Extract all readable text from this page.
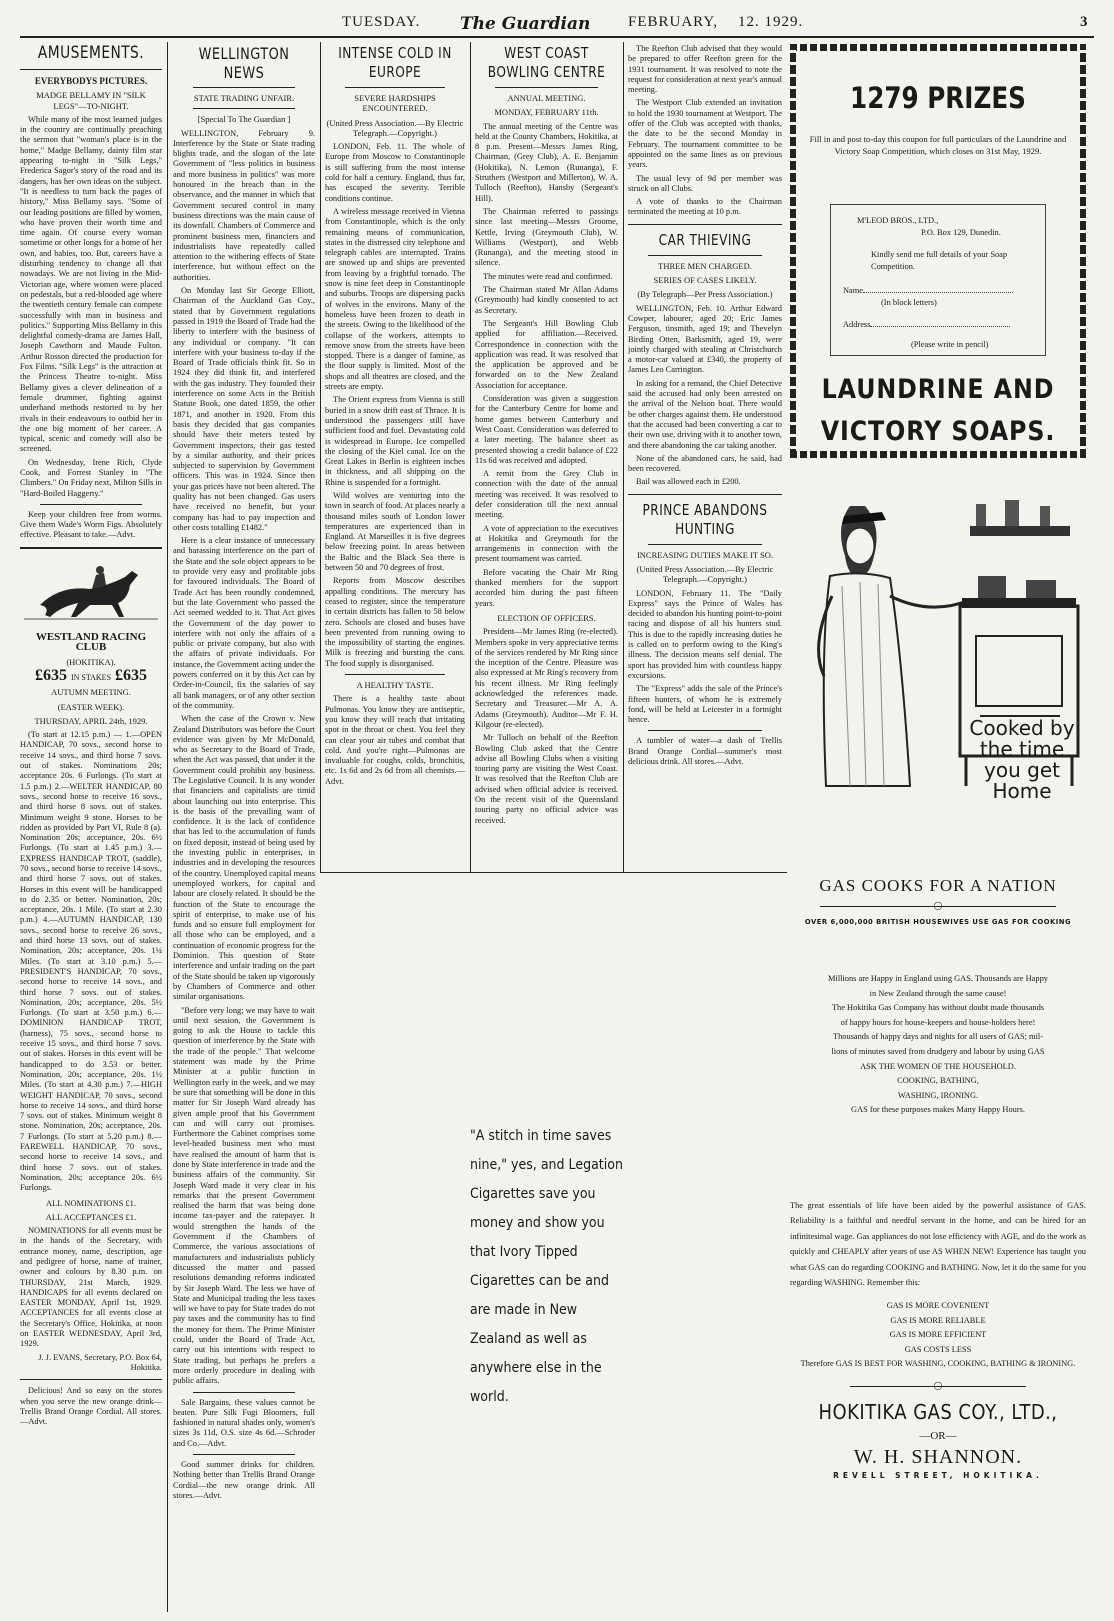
TUESDAY. The Guardian	FEBRUARY, 12. 1929.	3
AMUSEMENTS.
EVERYBODYS PICTURES.
MADGE BELLAMY IN "SILK LEGS"—TO-NIGHT.

While many of the most learned judges in the country are continually preaching the sermon that "woman's place is in the home," Madge Bellamy, dainty film star appearing to-night in "Silk Legs," Frederica Sagor's story of the road and its dangers, has her own ideas on the subject. "It is needless to turn back the pages of history," Miss Bellamy says. "Some of our leading positions are filled by women, who have proven their worth time and time again. Of course every woman sometime or other longs for a home of her own, and babies, too. But, careers have a disturbing tendency to change all that nowadays. We are not living in the Mid-Victorian age, where women were placed on pedestals, but a red-blooded age where the twentieth century female can compete successfully with man in business and politics." Supporting Miss Bellamy in this delightful comedy-drama are James Hall, Joseph Cawthorn and Maude Fulton. Arthur Rosson directed the production for Fox Films. "Silk Legs" is the attraction at the Princess Theatre to-night. Miss Bellamy gives a clever delineation of a female drummer, fighting against underhand methods restorted to by her rivals in their endeavours to outbid her in the one big moment of her career. A typical, scenic and comedy will also be screened.

On Wednesday, Irene Rich, Clyde Cook, and Forrest Stanley in "The Climbers." On Friday next, Milton Sills in "Hard-Boiled Haggerty."

Keep your children free from worms. Give them Wade's Worm Figs. Absolutely effective. Pleasant to take.—Advt.

WESTLAND RACING CLUB
(HOKITIKA).
£635 IN STAKES £635
AUTUMN MEETING.
(EASTER WEEK).
THURSDAY, APRIL 24th, 1929.

(To start at 12.15 p.m.) — 1.—OPEN HANDICAP, 70 sovs., second horse to receive 14 sovs., and third horse 7 sovs. out of stakes. Nominations 20s; acceptance 20s. 6 Furlongs. (To start at 1.5 p.m.) 2.—WELTER HANDICAP, 80 sovs., second horse to receive 16 sovs., and third horse 8 sovs. out of stakes. Minimum weight 9 stone. Horses to be ridden as provided by Part VI, Rule 8 (a). Nomination 20s; acceptance, 20s. 6½ Furlongs. (To start at 1.45 p.m.) 3.—EXPRESS HANDICAP TROT, (saddle), 70 sovs., second horse to receive 14 sovs., and third horse 7 sovs. out of stakes. Horses in this event will be handicapped to do 2.35 or better. Nomination, 20s; acceptance, 20s. 1 Mile. (To start at 2.30 p.m.) 4.—AUTUMN HANDICAP, 130 sovs., second horse to receive 26 sovs., and third horse 13 sovs. out of stakes. Nomination, 20s; acceptance, 20s. 1¼ Miles. (To start at 3.10 p.m.) 5.—PRESIDENT'S HANDICAP, 70 sovs., second horse to receive 14 sovs., and third horse 7 sovs. out of stakes. Nomination, 20s; acceptance, 20s. 5½ Furlongs. (To start at 3.50 p.m.) 6.—DOMINION HANDICAP TROT, (harness), 75 sovs., second horse to receive 15 sovs., and third horse 7 sovs. out of stakes. Horses in this event will be handicapped to do 3.53 or better. Nomination, 20s; acceptance, 20s. 1½ Miles. (To start at 4.30 p.m.) 7.—HIGH WEIGHT HANDICAP, 70 sovs., second horse to receive 14 sovs., and third horse 7 sovs. out of stakes. Minimum weight 8 stone. Nomination, 20s; acceptance, 20s. 7 Furlongs. (To start at 5.20 p.m.) 8.—FAREWELL HANDICAP, 70 sovs., second horse to receive 14 sovs., and third horse 7 sovs. out of stakes. Nomination, 20s; acceptance 20s. 6½ Furlongs.

ALL NOMINATIONS £1.
ALL ACCEPTANCES £1.

NOMINATIONS for all events must be in the hands of the Secretary, with entrance money, name, description, age and pedigree of horse, name of trainer, owner and colours by 8.30 p.m. on THURSDAY, 21st March, 1929. HANDICAPS for all events declared on EASTER MONDAY, April 1st, 1929. ACCEPTANCES for all events close at the Secretary's Office, Hokitika, at noon on EASTER WEDNESDAY, April 3rd, 1929.

J. J. EVANS, Secretary, P.O. Box 64, Hokitika.

Delicious! And so easy on the stores when you serve the new orange drink—Trellis Brand Orange Cordial. All stores.—Advt.

WELLINGTON NEWS
STATE TRADING UNFAIR.
[Special To The Guardian ]

WELLINGTON, February 9. Interference by the State or State trading blights trade, and the slogan of the late Government of "less politics in business and more business in politics" was more honoured in the breach than in the observance, and the manner in which that Government secured control in many business directions was the main cause of its downfall. Chambers of Commerce and prominent business men, financiers and industrialists have repeatedly called attention to the withering effects of State interference, but without effect on the authorities.

On Monday last Sir George Elliott, Chairman of the Auckland Gas Coy., stated that by Government regulations passed in 1919 the Board of Trade had the liberty to interfere with the business of any individual or company. "It can interfere with your business to-day if the Board of Trade officials think fit. So in 1924 they did think fit, and interfered with the gas industry. They founded their interference on some Acts in the British Statute Book, one dated 1859, the other 1871, and another in 1920. From this basis they decided that gas companies should have their meters tested by Government inspectors, their gas tested by a similar authority, and their prices subjected to supervision by Government officers. This was in 1924. Since then your gas prices have not been altered. The quality has not been changed. Gas users have received no benefit, but your company has had to pay inspection and other costs totalling £1482."

Here is a clear instance of unnecessary and harassing interference on the part of the State and the sole object appears to be to provide very easy and profitable jobs for favoured individuals. The Board of Trade Act has been roundly condemned, but the late Government who passed the Act seemed wedded to it. That Act gives the Government of the day power to interfere with not only the affairs of a public or private company, but also with the affairs of private individuals. For instance, the Government acting under the powers conferred on it by this Act can by Order-in-Council, fix the salaries of say all bank managers, or of any other section of the community.

When the case of the Crown v. New Zealand Distributors was before the Court evidence was given by Mr McDonald, who as Secretary to the Board of Trade, when the Act was passed, that under it the Government could prohibit any business. The Legislative Council. It is any wonder that financiers and capitalists are timid about launching out into enterprise. This is the basis of the prevailing want of confidence. It is the lack of confidence that has led to the accumulation of funds on fixed deposit, instead of being used by the investing public in enterprises, in industries and in developing the resources of the country. Unemployed capital means unemployed workers, for capital and labour are closely related. It should be the function of the State to encourage the spirit of enterprise, to make use of his funds and so ensure full employment for all those who can be employed, and a continuation of economic progress for the Dominion. This question of State interference and unfair trading on the part of the State should be taken up vigorously by Chambers of Commerce and other similar organisations.

"Before very long; we may have to wait until next session, the Government is going to ask the House to tackle this question of interference by the State with the trade of the people." That welcome statement was made by the Prime Minister at a public function in Wellington early in the week, and we may be sure that something will be done in this matter for Sir Joseph Ward already has given ample proof that his Government can and will carry out promises. Furthermore the Cabinet comprises some level-headed business men who must have realised the amount of harm that is done by State interference in trade and the business affairs of the community. Sir Joseph Ward made it very clear in his remarks that the present Government realised the harm that was being done income tax-payer and the ratepayer. It would strengthen the hands of the Government if the Chambers of Commerce, the various associations of manufacturers and industrialists publicly discussed the matter and passed resolutions demanding reforms indicated by Sir Joseph Ward. The less we have of State and Municipal trading the less taxes will we have to pay for State trades do not pay taxes and the community has to find the money for them. The Prime Minister could, under the Board of Trade Act, carry out his intentions with respect to State trading, but perhaps he prefers a more orderly procedure in dealing with public affairs.

Sale Bargains, these values cannot be beaten. Pure Silk Fugi Bloomers, full fashioned in natural shades only, women's sizes 3s 11d, O.S. size 4s 6d.—Schroder and Co.—Advt.

Good summer drinks for children. Nothing better than Trellis Brand Orange Cordial—the new orange drink. All stores.—Advt.

INTENSE COLD IN EUROPE
SEVERE HARDSHIPS ENCOUNTERED.
(United Press Association.—By Electric Telegraph.—Copyright.)

LONDON, Feb. 11. The whole of Europe from Moscow to Constantinople is still suffering from the most intense cold for half a century. England, thus far, has escaped the severity. Terrible conditions continue.

A wireless message received in Vienna from Constantinople, which is the only remaining means of communication, states in the distressed city telephone and telegraph cables are interrupted. Trains are snowed up and ships are prevented from leaving by a frightful tornado. The snow is nine feet deep in Constantinople and suburbs. Troops are dispersing packs of wolves in the environs. Many of the homeless have been frozen to death in the streets. Owing to the likelihood of the collapse of the workers, attempts to remove snow from the streets have been stopped. There is a danger of famine, as the flour supply is limited. Most of the shops and all theatres are closed, and the streets are empty.

The Orient express from Vienna is still buried in a snow drift east of Thrace. It is understood the passengers still have sufficient food and fuel. Devastating cold is widespread in Europe. Ice compelled the closing of the Kiel canal. Ice on the Great Lakes in Berlin is eighteen inches in thickness, and all shipping on the Rhine is suspended for a fortnight.

Wild wolves are venturing into the town in search of food. At places nearly a thousand miles south of London lower temperatures are experienced than in England. At Marseilles it is five degrees below freezing point. In areas between the Baltic and the Black Sea there is between 50 and 70 degrees of frost.

Reports from Moscow describes appalling conditions. The mercury has ceased to register, since the temperature in certain districts has fallen to 58 below zero. Schools are closed and buses have been prevented from running owing to the impossibility of starting the engines. Milk is freezing and bursting the cans. The food supply is disorganised.

A HEALTHY TASTE.

There is a healthy taste about Pulmonas. You know they are antiseptic, you know they will reach that irritating spot in the throat or chest. You feel they can clear your air tubes and combat that cold. And you're right—Pulmonas are invaluable for coughs, colds, bronchitis, etc. 1s 6d and 2s 6d from all chemists.—Advt.

WEST COAST BOWLING CENTRE
ANNUAL MEETING.
MONDAY, FEBRUARY 11th.

The annual meeting of the Centre was held at the County Chambers, Hokitika, at 8 p.m. Present—Messrs James Ring, Chairman, (Grey Club), A. E. Benjamin (Hokitika), N. Lemon (Runanga), F. Struthers (Westport and Millerton), W. A. Tulloch (Reefton), Hansby (Sergeant's Hill).

The Chairman referred to passings since last meeting—Messrs Groome, Kettle, Irving (Greymouth Club), W. Williams (Westport), and Webb (Runanga), and the meeting stood in silence.

The minutes were read and confirmed.

The Chairman stated Mr Allan Adams (Greymouth) had kindly consented to act as Secretary.

The Sergeant's Hill Bowling Club applied for affiliation.—Received. Correspondence in connection with the application was read. It was resolved that the application be approved and be forwarded on to the New Zealand Association for acceptance.

Consideration was given a suggestion for the Canterbury Centre for home and home games between Canterbury and West Coast. Consideration was deferred to a later meeting. The balance sheet as presented showing a credit balance of £22 11s 6d was received and adopted.

A remit from the Grey Club in connection with the date of the annual meeting was received. It was resolved to defer consideration till the next annual meeting.

A vote of appreciation to the executives at Hokitika and Greymouth for the arrangements in connection with the present tournament was carried.

Before vacating the Chair Mr Ring thanked members for the support accorded him during the past fifteen years.

ELECTION OF OFFICERS.

President—Mr James Ring (re-elected). Members spoke in very appreciative terms of the services rendered by Mr Ring since the inception of the Centre. Pleasure was also expressed at Mr Ring's recovery from his recent illness. Mr Ring feelingly acknowledged the references made. Secretary and Treasurer.—Mr A. A. Adams (Greymouth). Auditor—Mr F. H. Kilgour (re-elected).

Mr Tulloch on behalf of the Reefton Bowling Club asked that the Centre advise all Bowling Clubs when a visiting touring party are visiting the West Coast. It was resolved that the Reefton Club are advised when official advice is received. On the recent visit of the Queensland touring party no official advice was received.

The Reefton Club advised that they would be prepared to offer Reefton green for the 1931 tournament. It was resolved to note the request for consideration at next year's annual meeting.

The Westport Club extended an invitation to hold the 1930 tournament at Westport. The offer of the Club was accepted with thanks, the date to be the second Monday in February. The tournament committee to be appointed on the same lines as on previous years.

The usual levy of 9d per member was struck on all Clubs.

A vote of thanks to the Chairman terminated the meeting at 10 p.m.

CAR THIEVING
THREE MEN CHARGED.
SERIES OF CASES LIKELY.
(By Telegraph—Per Press Association.)

WELLINGTON, Feb. 10. Arthur Edward Cowper, labourer, aged 20; Eric James Ferguson, tinsmith, aged 19; and Thevelyn Birding Otten, Barksmith, aged 19, were jointly charged with stealing at Christchurch a motor-car valued at £340, the property of James Leo Carrington.

In asking for a remand, the Chief Detective said the accused had only been arrested on the arrival of the Nelson boat. There would be other charges against them. He understood that the accused had been converting a car to their own use, driving with it to another town, and there abandoning the car taking another.

None of the abandoned cars, he said, had been recovered.

Bail was allowed each in £200.

PRINCE ABANDONS HUNTING
INCREASING DUTIES MAKE IT SO.
(United Press Association.—By Electric Telegraph.—Copyright.)

LONDON, February 11. The "Daily Express" says the Prince of Wales has decided to abandon his hunting point-to-point racing and dispose of all his hunters stud. This is due to the rapidly increasing duties he is called on to perform owing to the King's illness. The decision means self denial. The sport has provided him with countless happy excursions.

The "Express" adds the sale of the Prince's fifteen hunters, of whom he is extremely fond, will be held at Leicester in a fortnight hence.

A tumbler of water—a dash of Trellis Brand Orange Cordial—summer's most delicious drink. All stores.—Advt.

"A stitch in time saves nine," yes, and Legation Cigarettes save you money and show you that Ivory Tipped Cigarettes can be and are made in New Zealand as well as anywhere else in the world.
1279 PRIZES
Fill in and post to-day this coupon for full particulars of the Laundrine and Victory Soap Competition, which closes on 31st May, 1929.
M'LEOD BROS., LTD.,
P.O. Box 129, Dunedin.
Kindly send me full details of your Soap Competition.
Name
(In block letters)
Address
(Please write in pencil)
LAUNDRINE AND
VICTORY SOAPS.
Cooked by the time you get Home
GAS COOKS FOR A NATION
◯
OVER 6,000,000 BRITISH HOUSEWIVES USE GAS FOR COOKING

Millions are Happy in England using GAS. Thousands are Happy

in New Zealand through the same cause!

The Hokitika Gas Company has without doubt made thousands

of happy hours for house-keepers and house-holders here!

Thousands of happy days and nights for all users of GAS; mil-

lions of minutes saved from drudgery and labour by using GAS

ASK THE WOMEN OF THE HOUSEHOLD.

COOKING, BATHING,

WASHING, IRONING.

GAS for these purposes makes Many Happy Hours.

The great essentials of life have been aided by the powerful assistance of GAS. Reliability is a faithful and needful servant in the home, and can be hired for an infinitesimal wage. Gas appliances do not lose efficiency with AGE, and do the work as quickly and CHEAPLY after years of use AS WHEN NEW! Experience has taught you what GAS can do regarding COOKING and BATHING. Now, let it do the same for you regarding WASHING. Remember this:

GAS IS MORE COVENIENT

GAS IS MORE RELIABLE

GAS IS MORE EFFICIENT

GAS COSTS LESS

Therefore GAS IS BEST FOR WASHING, COOKING, BATHING & IRONING.

◯
HOKITIKA GAS COY., LTD.,
—OR—
W. H. SHANNON.
REVELL STREET, HOKITIKA.
